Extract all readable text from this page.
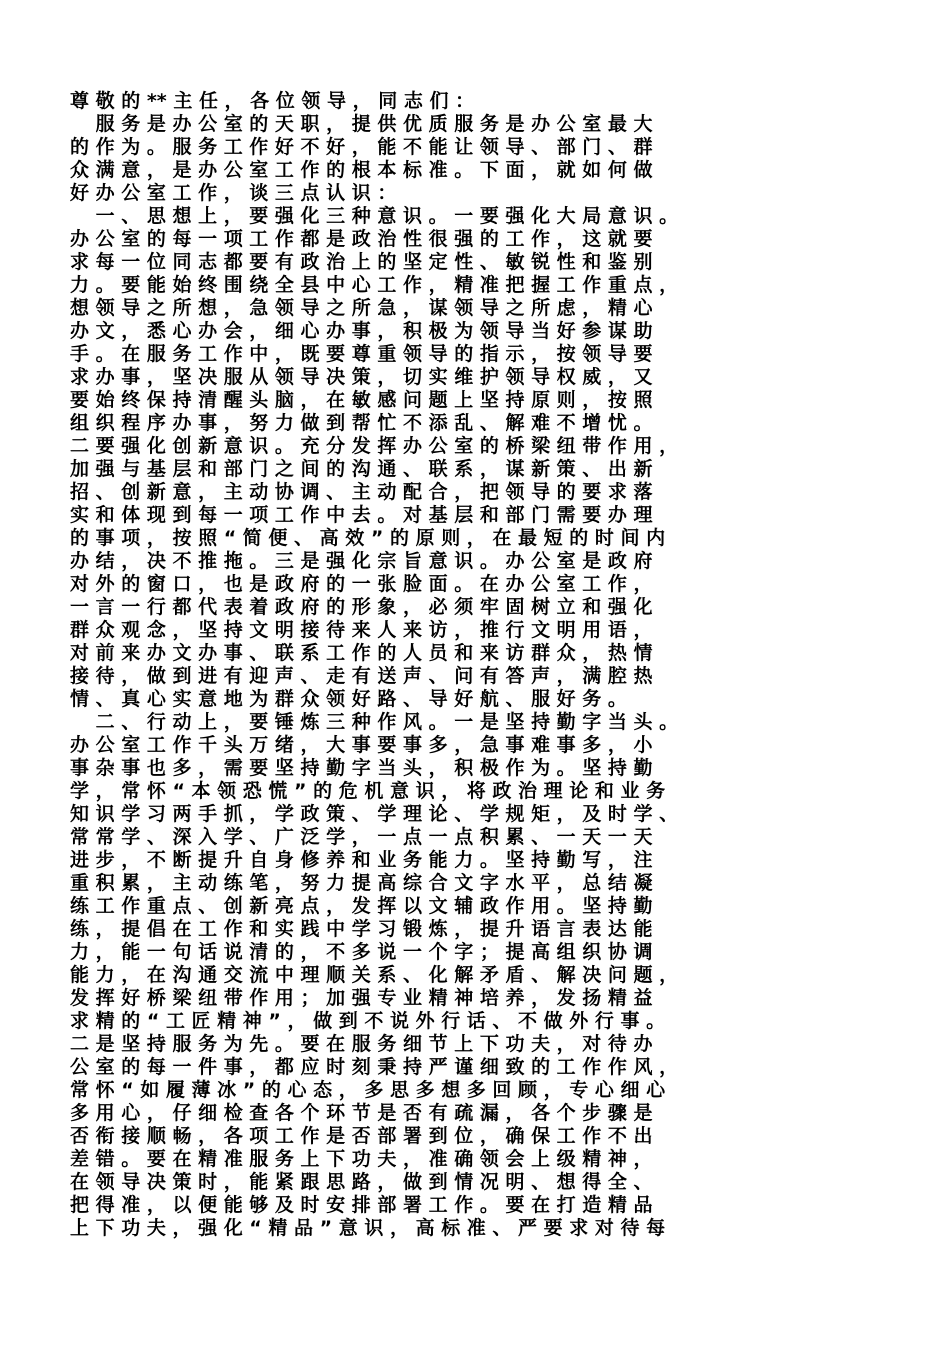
尊 敬 的 ** 主 任 ， 各 位 领 导 ， 同 志 们 ：
　 服 务 是 办 公 室 的 天 职 ， 提 供 优 质 服 务 是 办 公 室 最 大
的 作 为 。 服 务 工 作 好 不 好 ， 能 不 能 让 领 导 、 部 门 、 群
众 满 意 ， 是 办 公 室 工 作 的 根 本 标 准 。 下 面 ， 就 如 何 做
好 办 公 室 工 作 ， 谈 三 点 认 识 ：
　 一 、 思 想 上 ， 要 强 化 三 种 意 识 。 一 要 强 化 大 局 意 识 。
办 公 室 的 每 一 项 工 作 都 是 政 治 性 很 强 的 工 作 ， 这 就 要
求 每 一 位 同 志 都 要 有 政 治 上 的 坚 定 性 、 敏 锐 性 和 鉴 别
力 。 要 能 始 终 围 绕 全 县 中 心 工 作 ， 精 准 把 握 工 作 重 点 ，
想 领 导 之 所 想 ， 急 领 导 之 所 急 ， 谋 领 导 之 所 虑 ， 精 心
办 文 ， 悉 心 办 会 ， 细 心 办 事 ， 积 极 为 领 导 当 好 参 谋 助
手 。 在 服 务 工 作 中 ， 既 要 尊 重 领 导 的 指 示 ， 按 领 导 要
求 办 事 ， 坚 决 服 从 领 导 决 策 ， 切 实 维 护 领 导 权 威 ， 又
要 始 终 保 持 清 醒 头 脑 ， 在 敏 感 问 题 上 坚 持 原 则 ， 按 照
组 织 程 序 办 事 ， 努 力 做 到 帮 忙 不 添 乱 、 解 难 不 增 忧 。
二 要 强 化 创 新 意 识 。 充 分 发 挥 办 公 室 的 桥 梁 纽 带 作 用 ，
加 强 与 基 层 和 部 门 之 间 的 沟 通 、 联 系 ， 谋 新 策 、 出 新
招 、 创 新 意 ， 主 动 协 调 、 主 动 配 合 ， 把 领 导 的 要 求 落
实 和 体 现 到 每 一 项 工 作 中 去 。 对 基 层 和 部 门 需 要 办 理
的 事 项 ， 按 照 “ 简 便 、 高 效 ” 的 原 则 ， 在 最 短 的 时 间 内
办 结 ， 决 不 推 拖 。 三 是 强 化 宗 旨 意 识 。 办 公 室 是 政 府
对 外 的 窗 口 ， 也 是 政 府 的 一 张 脸 面 。 在 办 公 室 工 作 ，
一 言 一 行 都 代 表 着 政 府 的 形 象 ， 必 须 牢 固 树 立 和 强 化
群 众 观 念 ， 坚 持 文 明 接 待 来 人 来 访 ， 推 行 文 明 用 语 ，
对 前 来 办 文 办 事 、 联 系 工 作 的 人 员 和 来 访 群 众 ， 热 情
接 待 ， 做 到 进 有 迎 声 、 走 有 送 声 、 问 有 答 声 ， 满 腔 热
情 、 真 心 实 意 地 为 群 众 领 好 路 、 导 好 航 、 服 好 务 。
　 二 、 行 动 上 ， 要 锤 炼 三 种 作 风 。 一 是 坚 持 勤 字 当 头 。
办 公 室 工 作 千 头 万 绪 ， 大 事 要 事 多 ， 急 事 难 事 多 ， 小
事 杂 事 也 多 ， 需 要 坚 持 勤 字 当 头 ， 积 极 作 为 。 坚 持 勤
学 ， 常 怀 “ 本 领 恐 慌 ” 的 危 机 意 识 ， 将 政 治 理 论 和 业 务
知 识 学 习 两 手 抓 ， 学 政 策 、 学 理 论 、 学 规 矩 ， 及 时 学 、
常 常 学 、 深 入 学 、 广 泛 学 ， 一 点 一 点 积 累 、 一 天 一 天
进 步 ， 不 断 提 升 自 身 修 养 和 业 务 能 力 。 坚 持 勤 写 ， 注
重 积 累 ， 主 动 练 笔 ， 努 力 提 高 综 合 文 字 水 平 ， 总 结 凝
练 工 作 重 点 、 创 新 亮 点 ， 发 挥 以 文 辅 政 作 用 。 坚 持 勤
练 ， 提 倡 在 工 作 和 实 践 中 学 习 锻 炼 ， 提 升 语 言 表 达 能
力 ， 能 一 句 话 说 清 的 ， 不 多 说 一 个 字 ； 提 高 组 织 协 调
能 力 ， 在 沟 通 交 流 中 理 顺 关 系 、 化 解 矛 盾 、 解 决 问 题 ，
发 挥 好 桥 梁 纽 带 作 用 ； 加 强 专 业 精 神 培 养 ， 发 扬 精 益
求 精 的 “ 工 匠 精 神 ” ， 做 到 不 说 外 行 话 、 不 做 外 行 事 。
二 是 坚 持 服 务 为 先 。 要 在 服 务 细 节 上 下 功 夫 ， 对 待 办
公 室 的 每 一 件 事 ， 都 应 时 刻 秉 持 严 谨 细 致 的 工 作 作 风 ，
常 怀 “ 如 履 薄 冰 ” 的 心 态 ， 多 思 多 想 多 回 顾 ， 专 心 细 心
多 用 心 ， 仔 细 检 查 各 个 环 节 是 否 有 疏 漏 ， 各 个 步 骤 是
否 衔 接 顺 畅 ， 各 项 工 作 是 否 部 署 到 位 ， 确 保 工 作 不 出
差 错 。 要 在 精 准 服 务 上 下 功 夫 ， 准 确 领 会 上 级 精 神 ，
在 领 导 决 策 时 ， 能 紧 跟 思 路 ， 做 到 情 况 明 、 想 得 全 、
把 得 准 ， 以 便 能 够 及 时 安 排 部 署 工 作 。 要 在 打 造 精 品
上 下 功 夫 ， 强 化 “ 精 品 ” 意 识 ， 高 标 准 、 严 要 求 对 待 每
